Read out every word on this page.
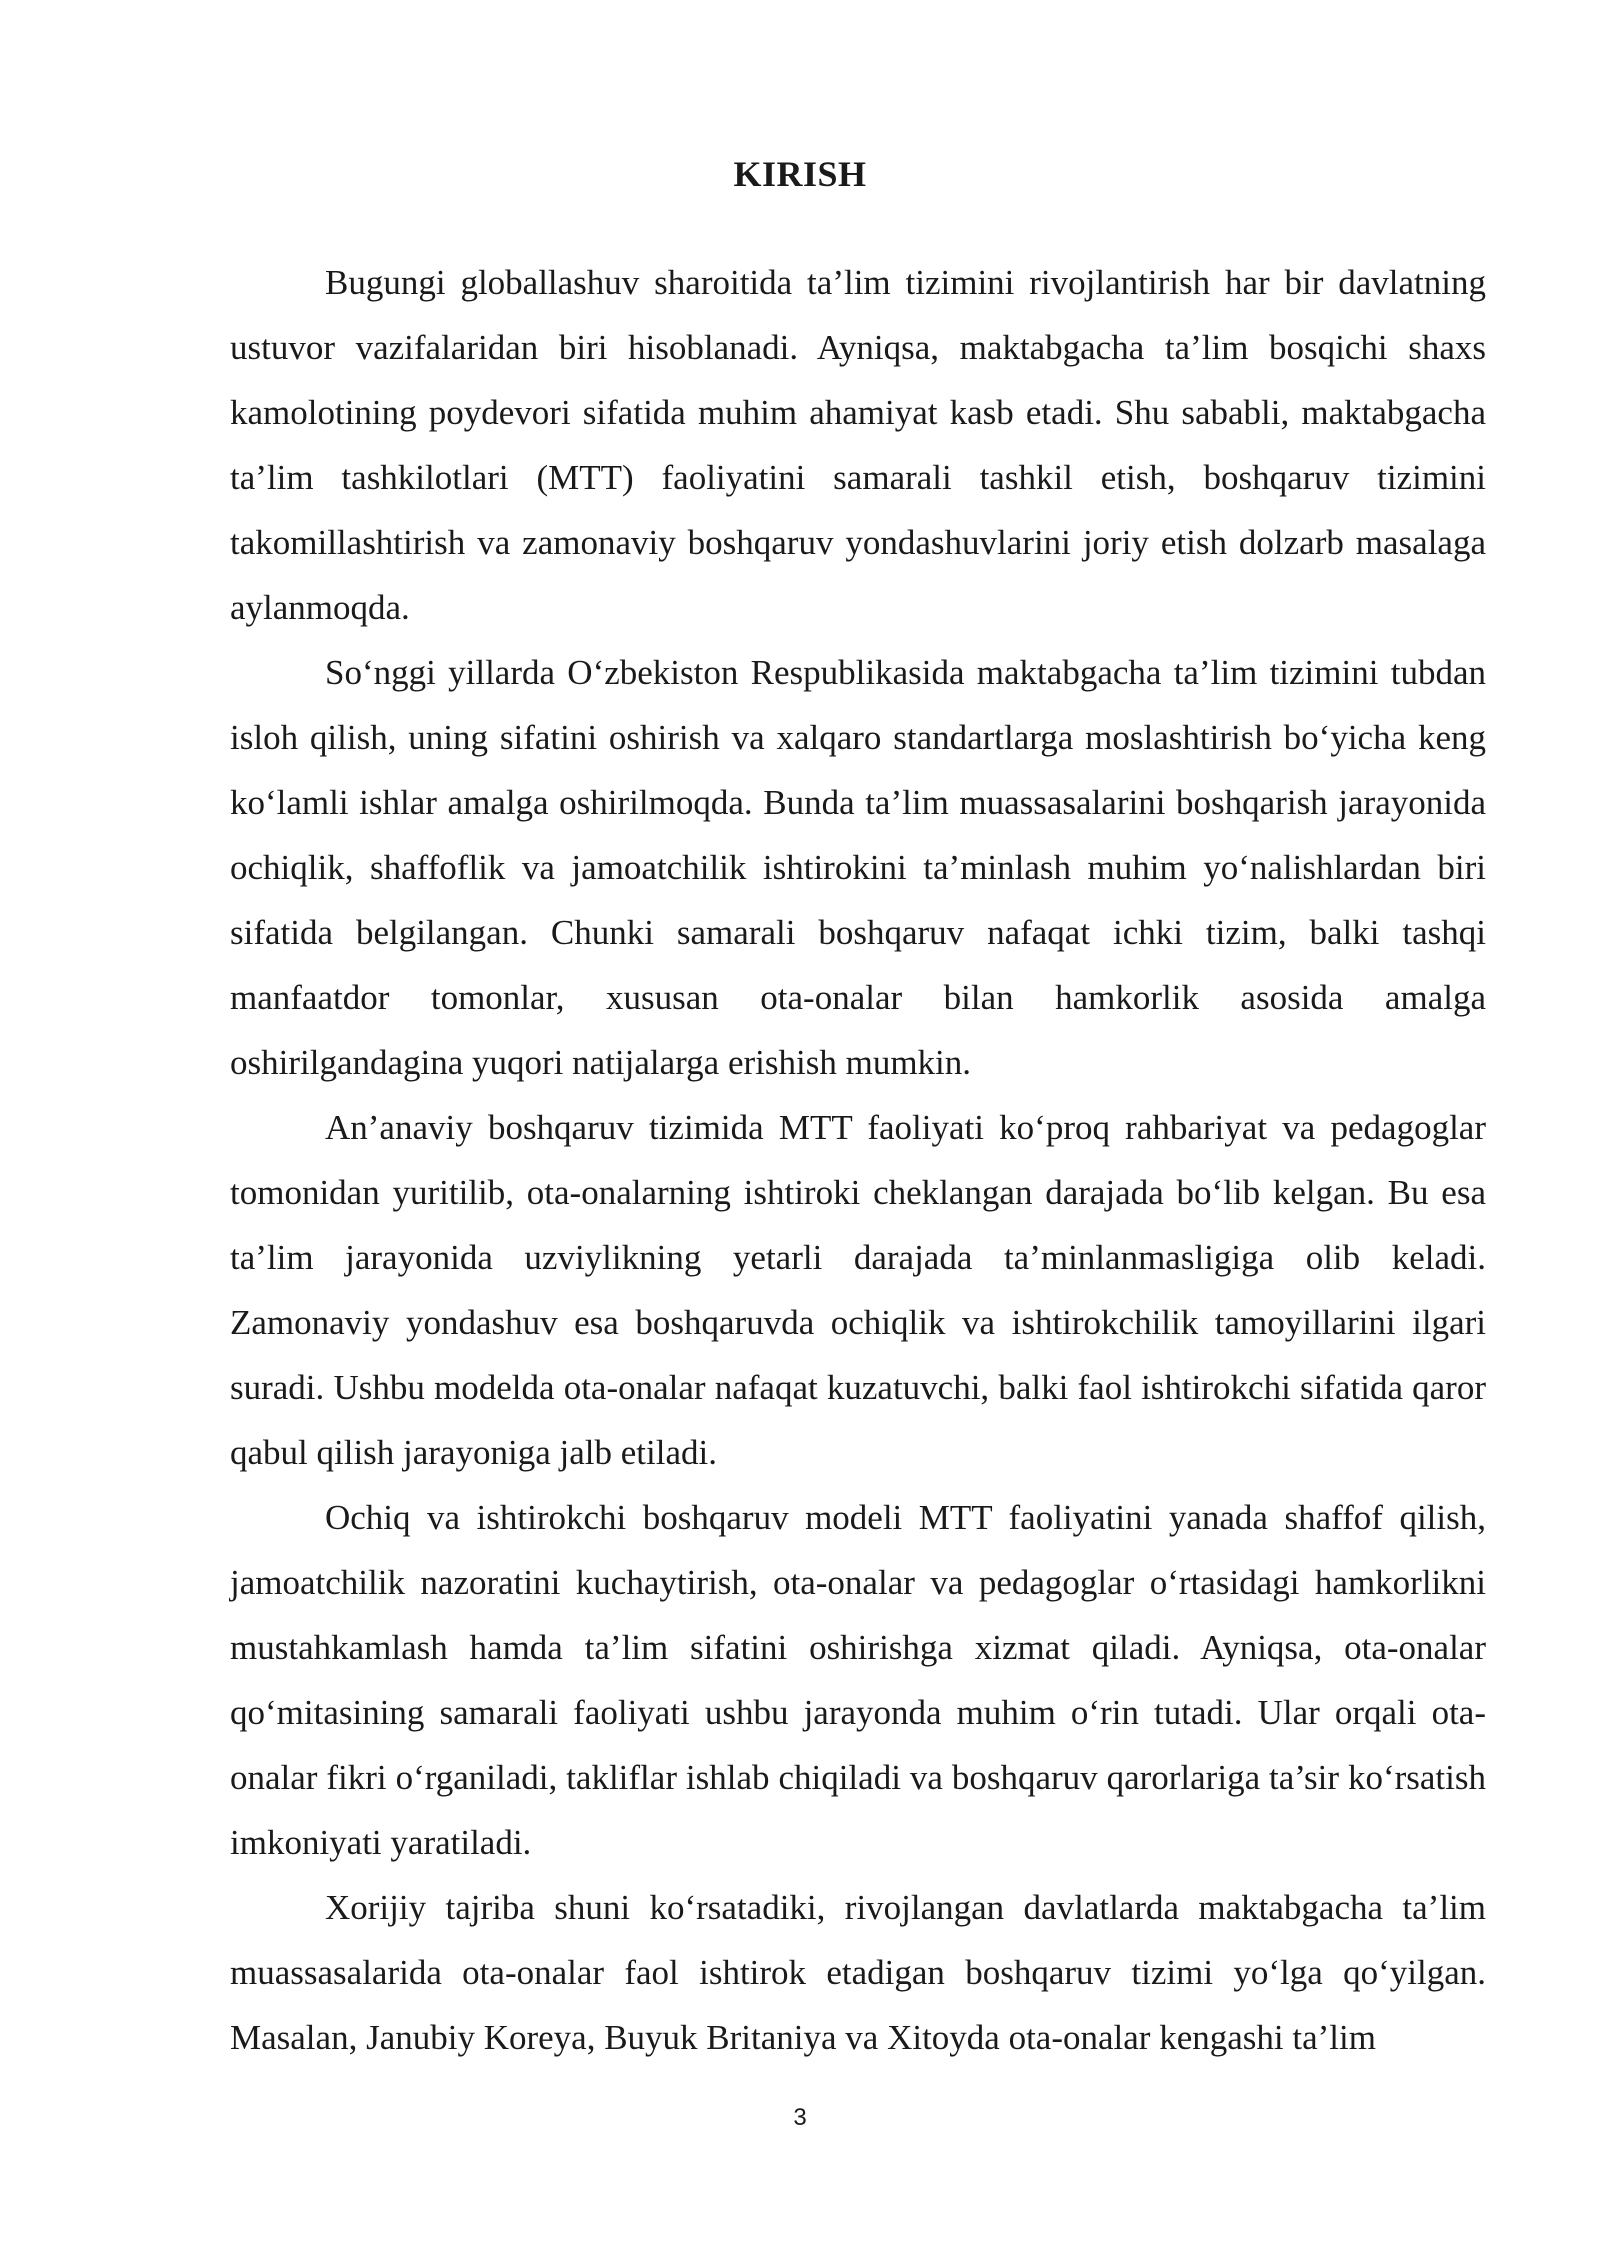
KIRISH

Bugungi globallashuv sharoitida ta’lim tizimini rivojlantirish har bir davlatning ustuvor vazifalaridan biri hisoblanadi. Ayniqsa, maktabgacha ta’lim bosqichi shaxs kamolotining poydevori sifatida muhim ahamiyat kasb etadi. Shu sababli, maktabgacha ta’lim tashkilotlari (MTT) faoliyatini samarali tashkil etish, boshqaruv tizimini takomillashtirish va zamonaviy boshqaruv yondashuvlarini joriy etish dolzarb masalaga aylanmoqda.

So‘nggi yillarda O‘zbekiston Respublikasida maktabgacha ta’lim tizimini tubdan isloh qilish, uning sifatini oshirish va xalqaro standartlarga moslashtirish bo‘yicha keng ko‘lamli ishlar amalga oshirilmoqda. Bunda ta’lim muassasalarini boshqarish jarayonida ochiqlik, shaffoflik va jamoatchilik ishtirokini ta’minlash muhim yo‘nalishlardan biri sifatida belgilangan. Chunki samarali boshqaruv nafaqat ichki tizim, balki tashqi manfaatdor tomonlar, xususan ota-onalar bilan hamkorlik asosida amalga oshirilgandagina yuqori natijalarga erishish mumkin.

An’anaviy boshqaruv tizimida MTT faoliyati ko‘proq rahbariyat va pedagoglar tomonidan yuritilib, ota-onalarning ishtiroki cheklangan darajada bo‘lib kelgan. Bu esa ta’lim jarayonida uzviylikning yetarli darajada ta’minlanmasligiga olib keladi. Zamonaviy yondashuv esa boshqaruvda ochiqlik va ishtirokchilik tamoyillarini ilgari suradi. Ushbu modelda ota-onalar nafaqat kuzatuvchi, balki faol ishtirokchi sifatida qaror qabul qilish jarayoniga jalb etiladi.

Ochiq va ishtirokchi boshqaruv modeli MTT faoliyatini yanada shaffof qilish, jamoatchilik nazoratini kuchaytirish, ota-onalar va pedagoglar o‘rtasidagi hamkorlikni mustahkamlash hamda ta’lim sifatini oshirishga xizmat qiladi. Ayniqsa, ota-onalar qo‘mitasining samarali faoliyati ushbu jarayonda muhim o‘rin tutadi. Ular orqali ota-onalar fikri o‘rganiladi, takliflar ishlab chiqiladi va boshqaruv qarorlariga ta’sir ko‘rsatish imkoniyati yaratiladi.

Xorijiy tajriba shuni ko‘rsatadiki, rivojlangan davlatlarda maktabgacha ta’lim muassasalarida ota-onalar faol ishtirok etadigan boshqaruv tizimi yo‘lga qo‘yilgan. Masalan, Janubiy Koreya, Buyuk Britaniya va Xitoyda ota-onalar kengashi ta’lim

3
